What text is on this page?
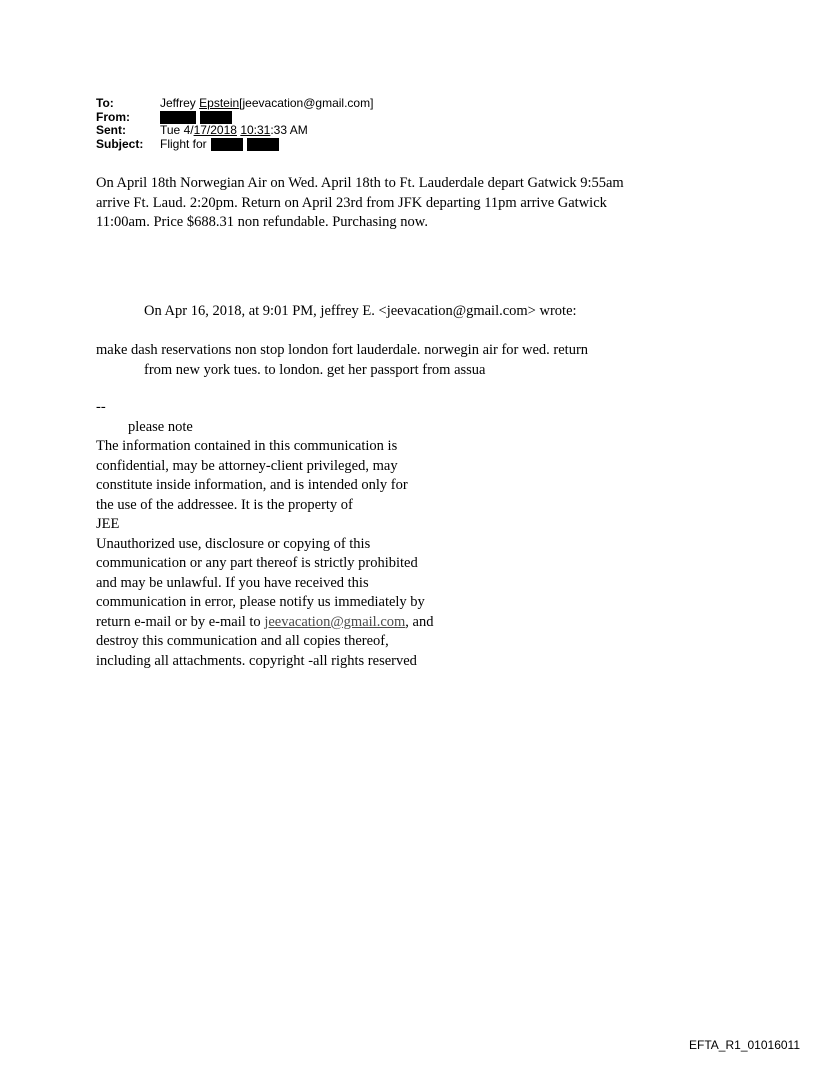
To:	Jeffrey
Epstein [jeevacation@gmail.com]
From:
Sent:	Tue 4/ 17/2018
10:31 :33 AM
Subject:	Flight for
On April 18th Norwegian Air on Wed. April 18th to Ft. Lauderdale depart Gatwick 9:55am
arrive Ft. Laud. 2:20pm. Return on April 23rd from JFK departing 11pm arrive Gatwick
11:00am. Price $688.31 non refundable. Purchasing now.
On Apr 16, 2018, at 9:01 PM, jeffrey E. <jeevacation@gmail.com> wrote:
make dash reservations non stop london fort lauderdale. norwegin air for wed. return
from new york tues. to london. get her passport from assua
--
please note
The information contained in this communication is
confidential, may be attorney-client privileged, may
constitute inside information, and is intended only for
the use of the addressee. It is the property of
JEE
Unauthorized use, disclosure or copying of this
communication or any part thereof is strictly prohibited
and may be unlawful. If you have received this
communication in error, please notify us immediately by
return e-mail or by e-mail to jeevacation@gmail.com, and
destroy this communication and all copies thereof,
including all attachments. copyright -all rights reserved
EFTA_R1_01016011
